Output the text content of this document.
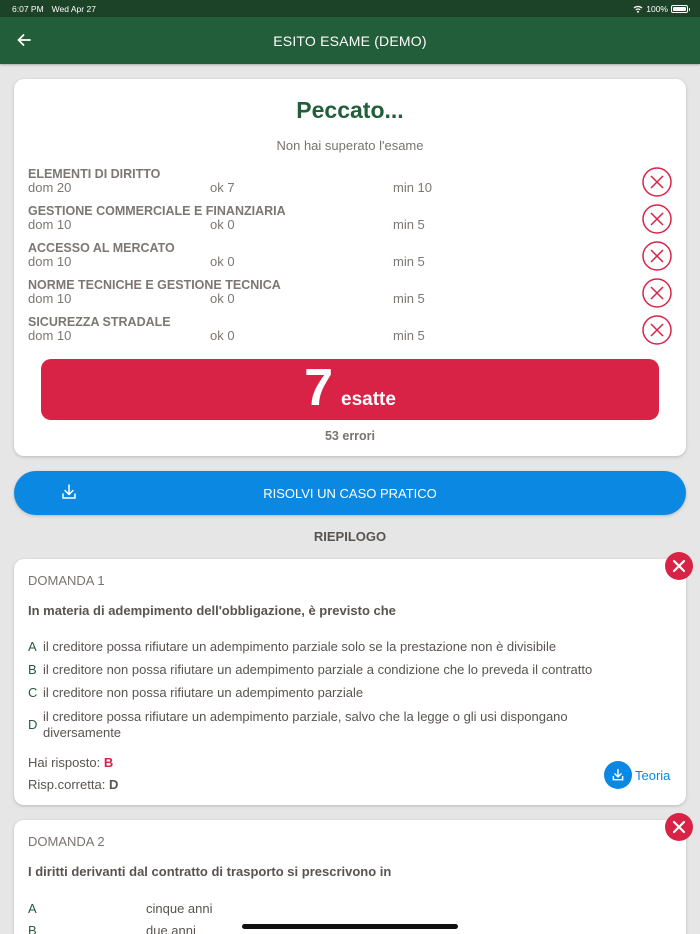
6:07 PM Wed Apr 27	100%
ESITO ESAME (DEMO)
Peccato...
Non hai superato l'esame
ELEMENTI DI DIRITTO
dom 20	ok 7	min 10
GESTIONE COMMERCIALE E FINANZIARIA
dom 10	ok 0	min 5
ACCESSO AL MERCATO
dom 10	ok 0	min 5
NORME TECNICHE E GESTIONE TECNICA
dom 10	ok 0	min 5
SICUREZZA STRADALE
dom 10	ok 0	min 5
7 esatte
53 errori
RISOLVI UN CASO PRATICO
RIEPILOGO
DOMANDA 1
In materia di adempimento dell'obbligazione, è previsto che
A il creditore possa rifiutare un adempimento parziale solo se la prestazione non è divisibile
B il creditore non possa rifiutare un adempimento parziale a condizione che lo preveda il contratto
C il creditore non possa rifiutare un adempimento parziale
D
il creditore possa rifiutare un adempimento parziale, salvo che la legge o gli usi dispongano diversamente
Hai risposto: B
Risp.corretta: D
Teoria
DOMANDA 2
I diritti derivanti dal contratto di trasporto si prescrivono in
A	cinque anni
B	due anni
